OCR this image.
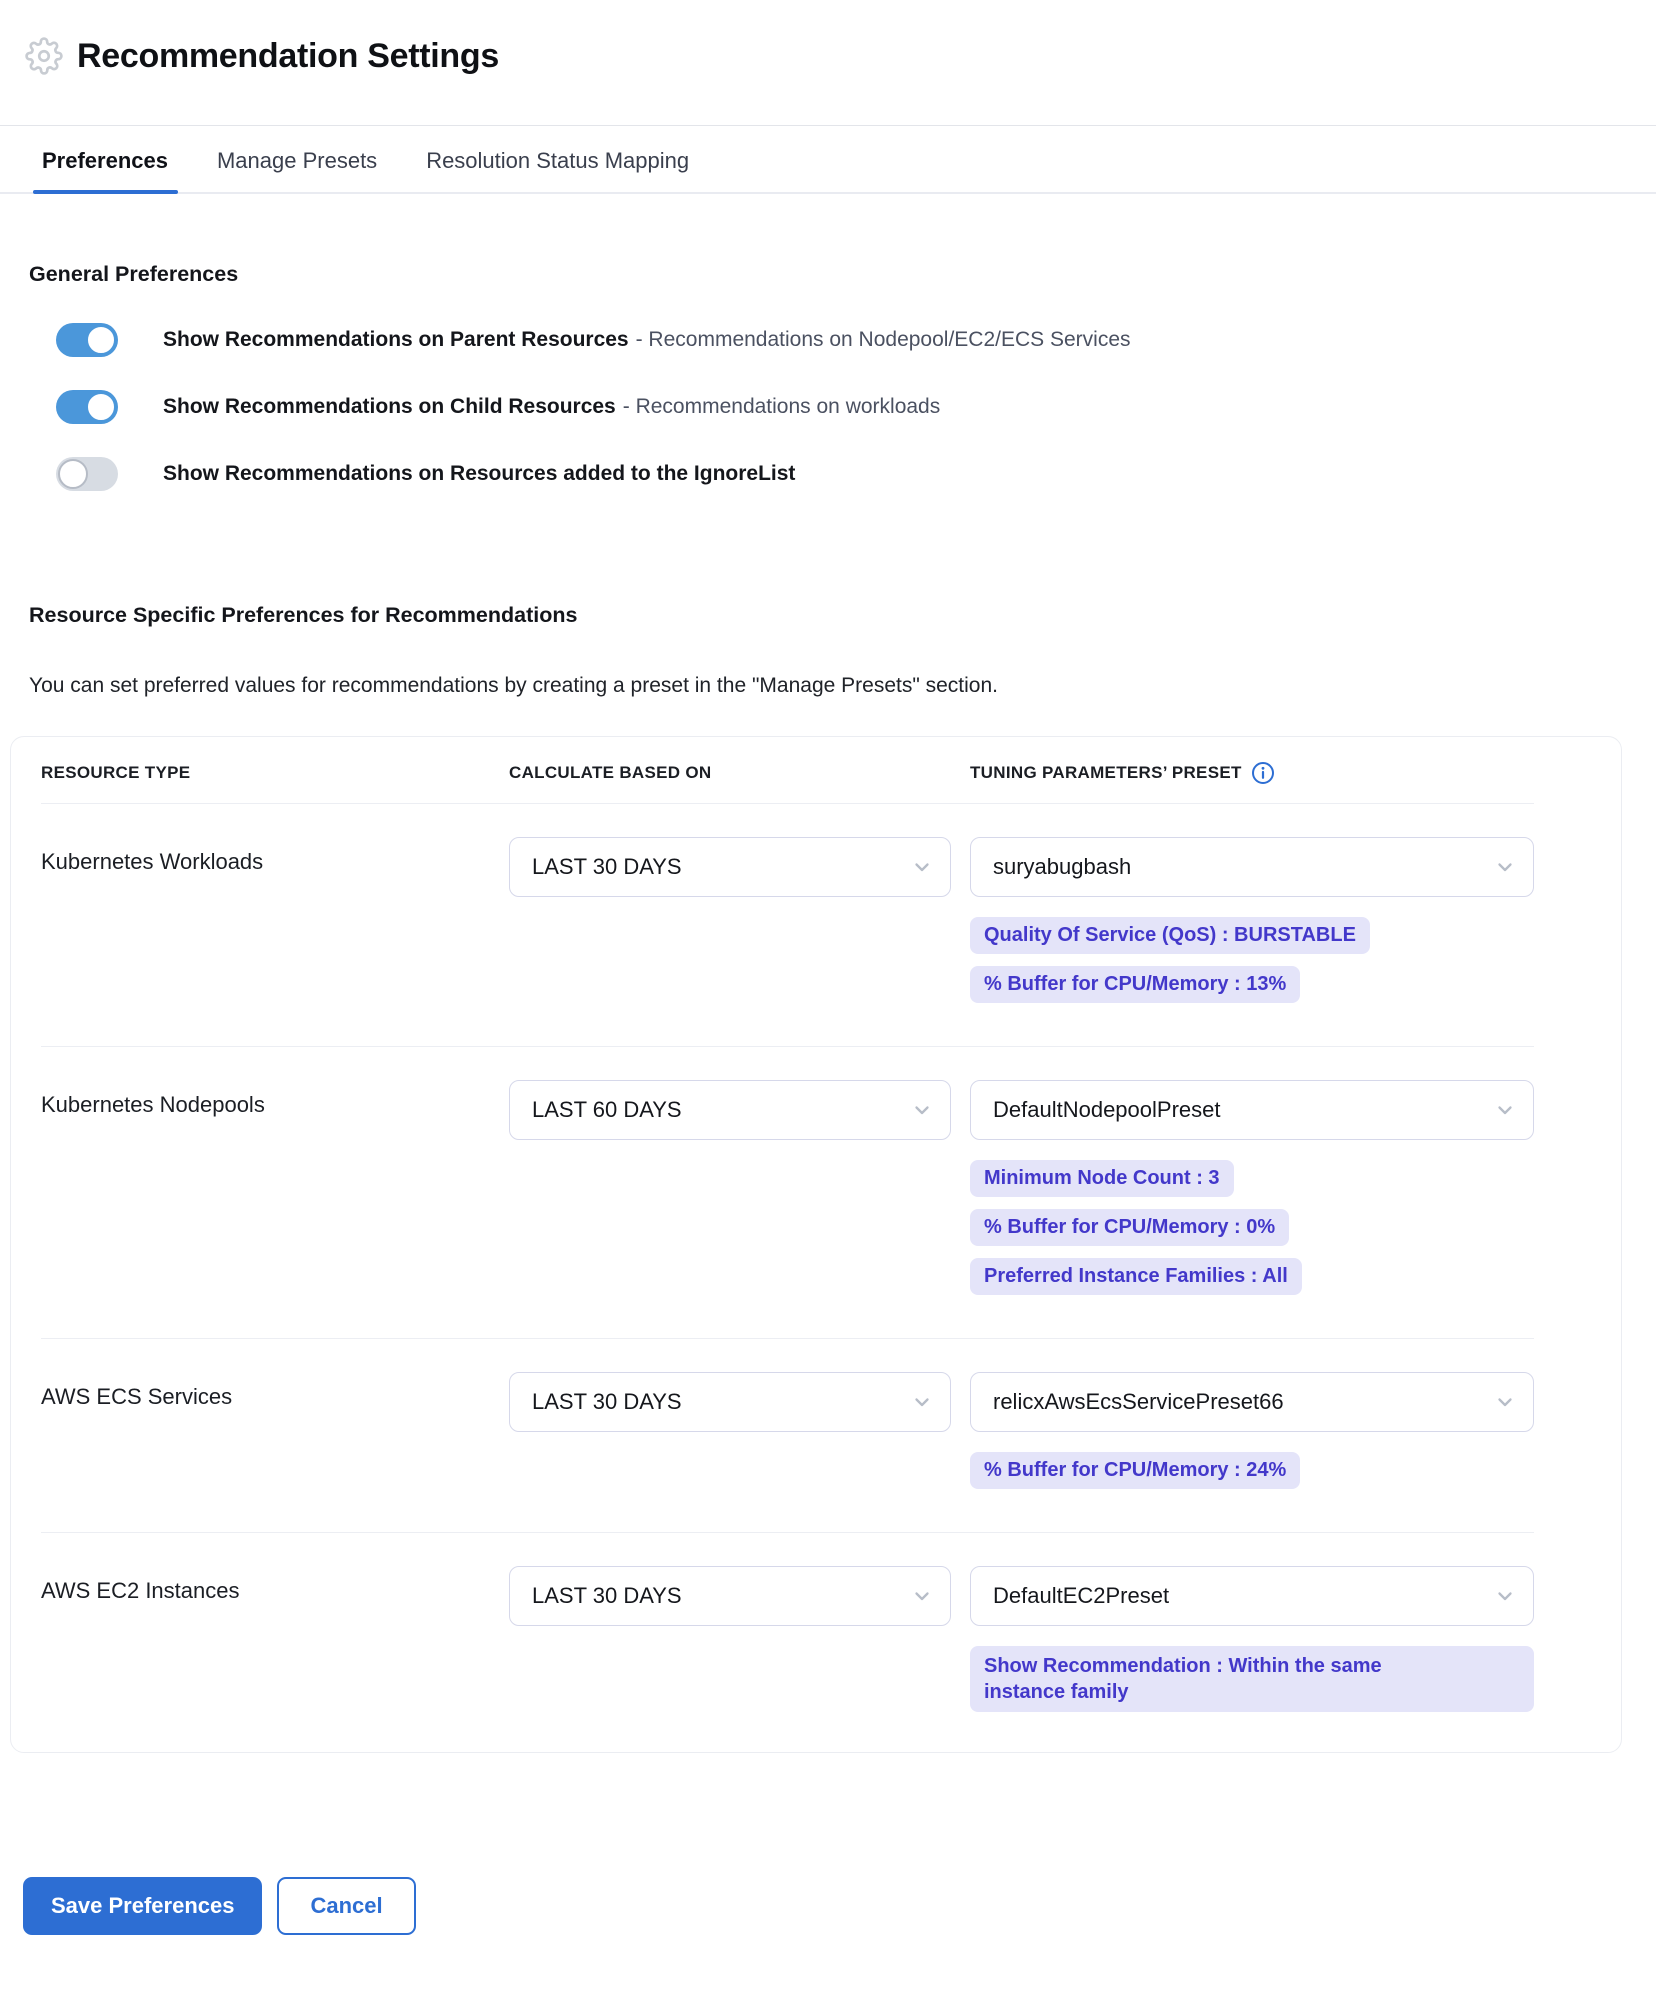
Recommendation Settings
Preferences Manage Presets Resolution Status Mapping
General Preferences
Show Recommendations on Parent Resources - Recommendations on Nodepool/EC2/ECS Services
Show Recommendations on Child Resources - Recommendations on workloads
Show Recommendations on Resources added to the IgnoreList
Resource Specific Preferences for Recommendations

You can set preferred values for recommendations by creating a preset in the "Manage Presets" section.

RESOURCE TYPE	CALCULATE BASED ON	TUNING PARAMETERS’ PRESET
Kubernetes Workloads	LAST 30 DAYS	suryabugbash
Quality Of Service (QoS) : BURSTABLE
% Buffer for CPU/Memory : 13%
Kubernetes Nodepools	LAST 60 DAYS	DefaultNodepoolPreset
Minimum Node Count : 3
% Buffer for CPU/Memory : 0%
Preferred Instance Families : All
AWS ECS Services	LAST 30 DAYS	relicxAwsEcsServicePreset66
% Buffer for CPU/Memory : 24%
AWS EC2 Instances	LAST 30 DAYS	DefaultEC2Preset
Show Recommendation : Within the same instance family
Save Preferences	Cancel
